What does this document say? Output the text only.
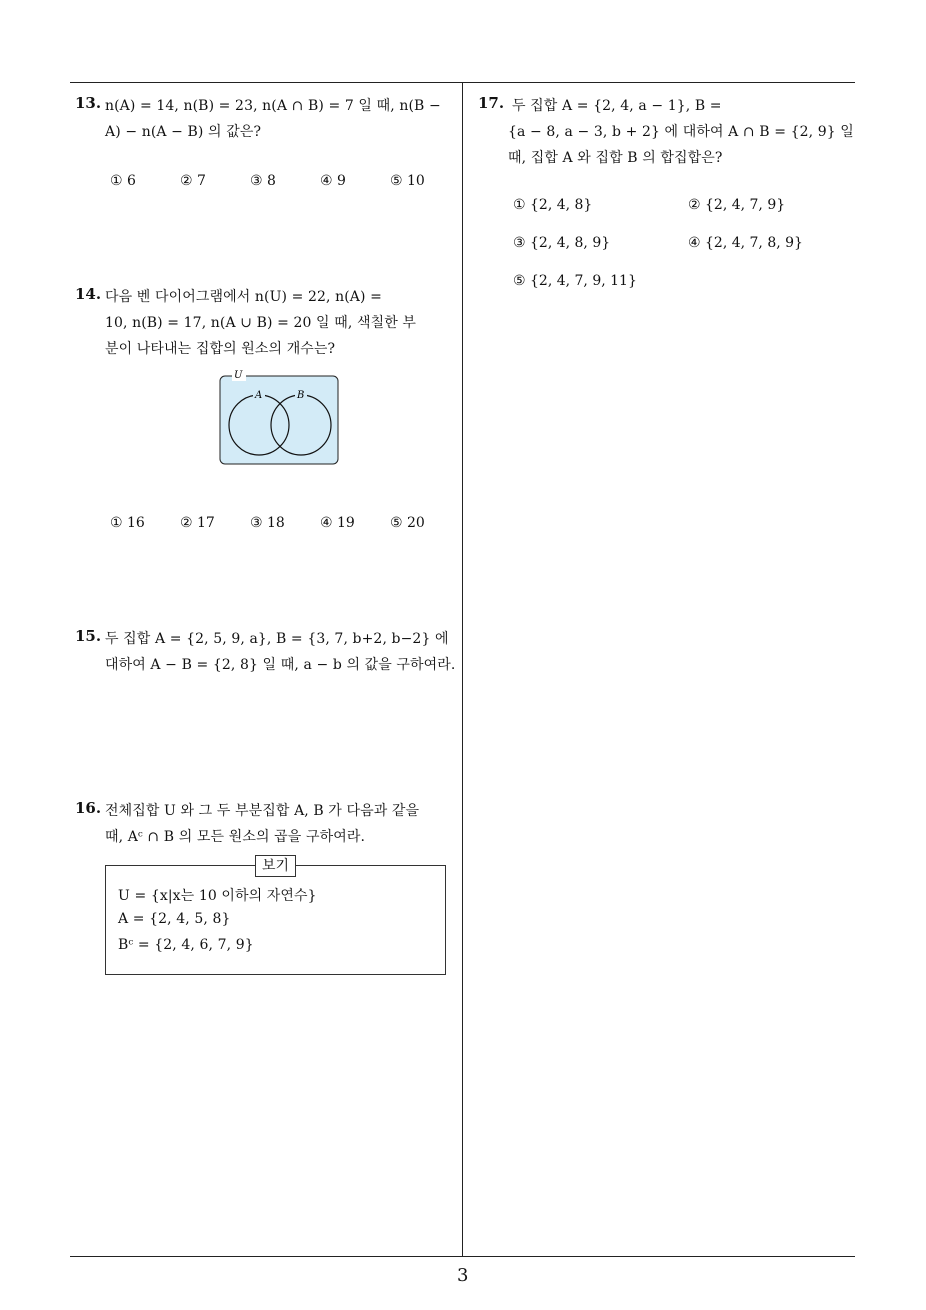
13. n(A) = 14, n(B) = 23, n(A ∩ B) = 7 일 때, n(B −
A) − n(A − B) 의 값은?
① 6	② 7	③ 8	④ 9	⑤ 10
14. 다음 벤 다이어그램에서 n(U) = 22, n(A) =
10, n(B) = 17, n(A ∪ B) = 20 일 때, 색칠한 부
분이 나타내는 집합의 원소의 개수는?
U
A	B
① 16	② 17	③ 18	④ 19	⑤ 20
15. 두 집합 A = {2, 5, 9, a}, B = {3, 7, b+2, b−2} 에
대하여 A − B = {2, 8} 일 때, a − b 의 값을 구하여라.
16. 전체집합 U 와 그 두 부분집합 A, B 가 다음과 같을
때, Aᶜ ∩ B 의 모든 원소의 곱을 구하여라.
보기
U = {x|x는 10 이하의 자연수}
A = {2, 4, 5, 8}
Bᶜ = {2, 4, 6, 7, 9}
17. 두 집합 A = {2, 4, a − 1}, B =
{a − 8, a − 3, b + 2} 에 대하여 A ∩ B = {2, 9} 일
때, 집합 A 와 집합 B 의 합집합은?
① {2, 4, 8}	② {2, 4, 7, 9}
③ {2, 4, 8, 9}	④ {2, 4, 7, 8, 9}
⑤ {2, 4, 7, 9, 11}
3
